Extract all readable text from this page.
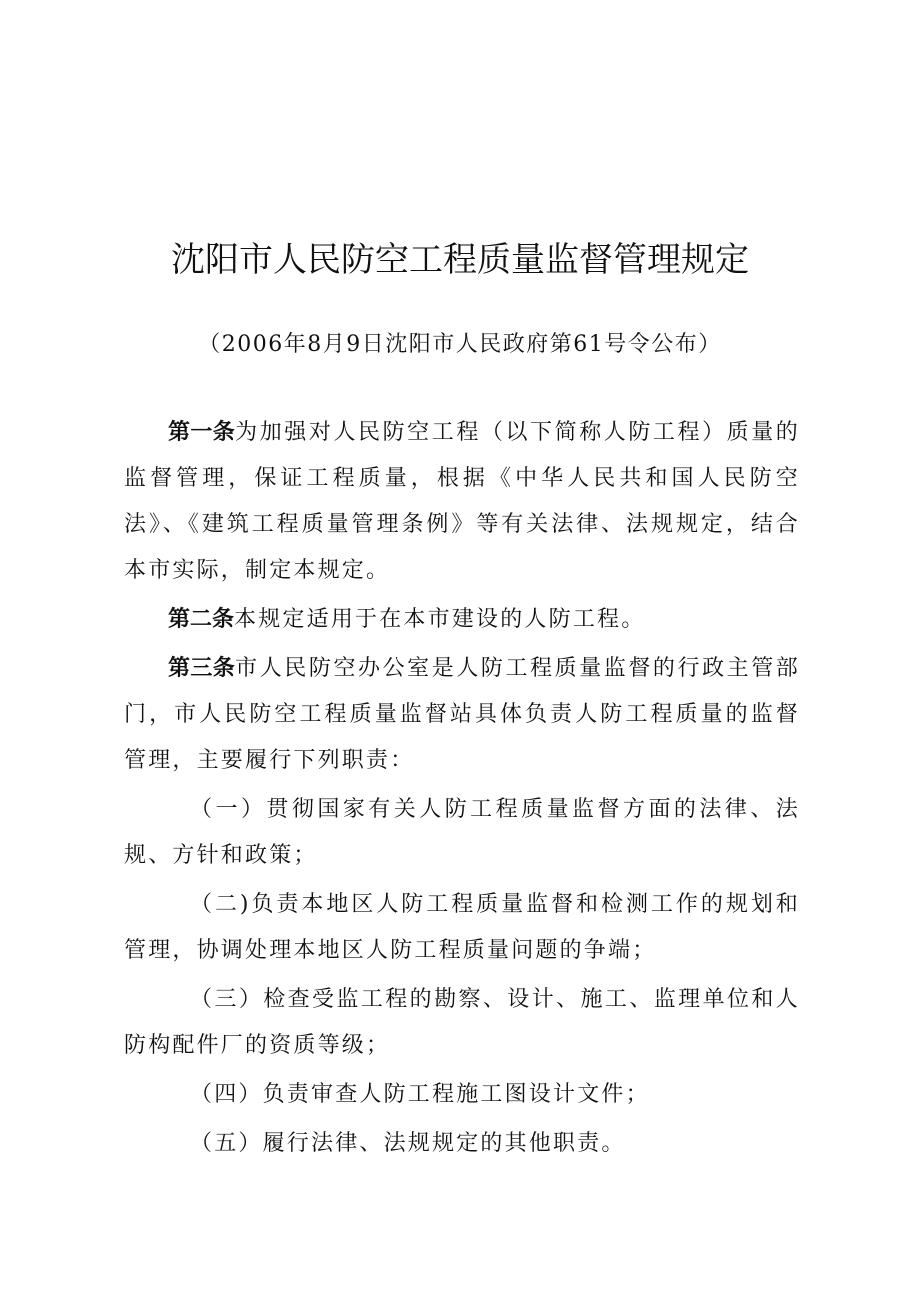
沈阳市人民防空工程质量监督管理规定

（2006年8月9日沈阳市人民政府第61号令公布）

第一条为加强对人民防空工程（以下简称人防工程）质量的监督管理，保证工程质量，根据《中华人民共和国人民防空法》、《建筑工程质量管理条例》等有关法律、法规规定，结合本市实际，制定本规定。

第二条本规定适用于在本市建设的人防工程。

第三条市人民防空办公室是人防工程质量监督的行政主管部门，市人民防空工程质量监督站具体负责人防工程质量的监督管理，主要履行下列职责：

（一）贯彻国家有关人防工程质量监督方面的法律、法规、方针和政策；

（二)负责本地区人防工程质量监督和检测工作的规划和管理，协调处理本地区人防工程质量问题的争端；

（三）检查受监工程的勘察、设计、施工、监理单位和人防构配件厂的资质等级；

（四）负责审查人防工程施工图设计文件；

（五）履行法律、法规规定的其他职责。
